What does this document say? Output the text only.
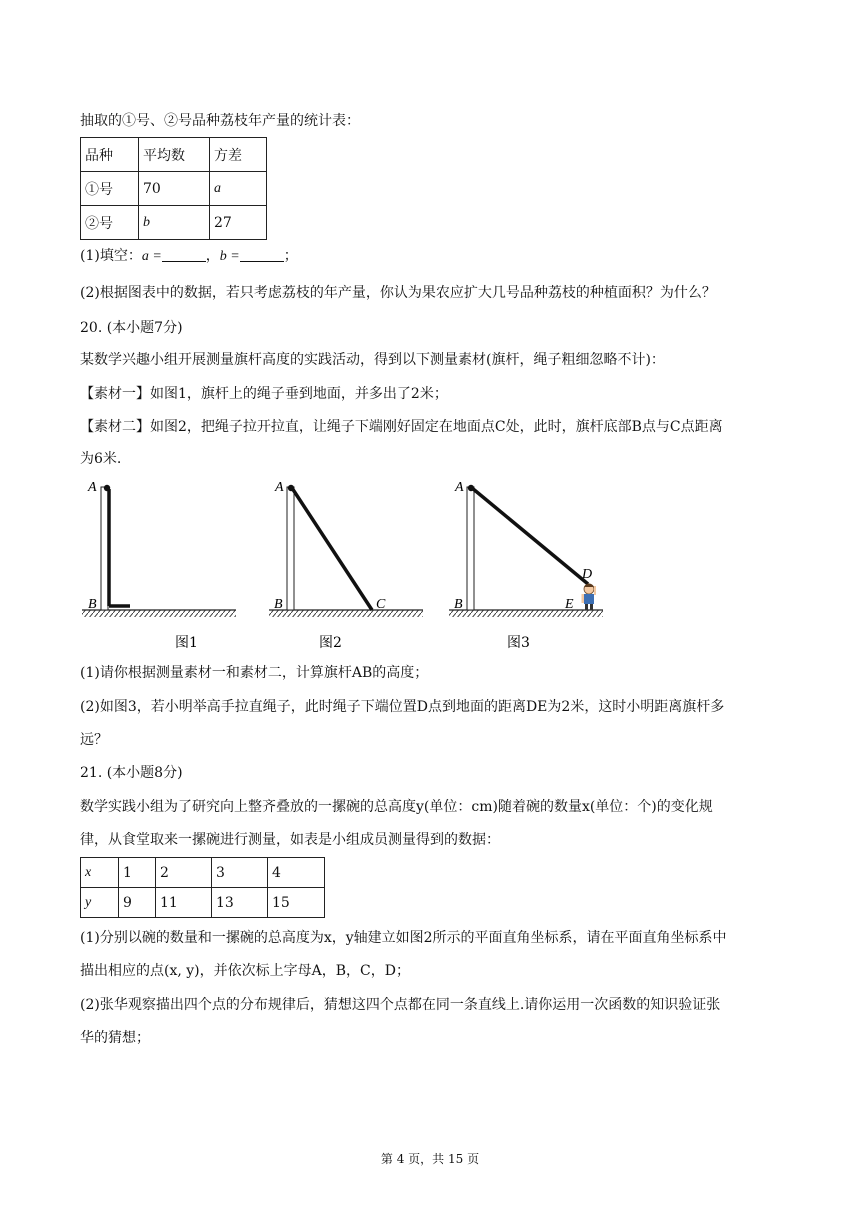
抽取的①号、②号品种荔枝年产量的统计表：
品种	平均数	方差
①号	70	a
②号	b	27
(1)填空：a =	，b =	；
(2)根据图表中的数据，若只考虑荔枝的年产量，你认为果农应扩大几号品种荔枝的种植面积？为什么？
20. (本小题7分)
某数学兴趣小组开展测量旗杆高度的实践活动，得到以下测量素材(旗杆，绳子粗细忽略不计)：
【素材一】如图1，旗杆上的绳子垂到地面，并多出了2米；
【素材二】如图2，把绳子拉开拉直，让绳子下端刚好固定在地面点C处，此时，旗杆底部B点与C点距离
为6米.
A
B
图1
A
B	C
图2
A
B
D
E
图3
(1)请你根据测量素材一和素材二，计算旗杆AB的高度；
(2)如图3，若小明举高手拉直绳子，此时绳子下端位置D点到地面的距离DE为2米，这时小明距离旗杆多
远？
21. (本小题8分)
数学实践小组为了研究向上整齐叠放的一摞碗的总高度y(单位：cm)随着碗的数量x(单位：个)的变化规
律，从食堂取来一摞碗进行测量，如表是小组成员测量得到的数据：
x	1	2	3	4
y	9	11	13	15
(1)分别以碗的数量和一摞碗的总高度为x，y轴建立如图2所示的平面直角坐标系，请在平面直角坐标系中
描出相应的点(x, y)，并依次标上字母A，B，C，D；
(2)张华观察描出四个点的分布规律后，猜想这四个点都在同一条直线上.请你运用一次函数的知识验证张
华的猜想；
第 4 页，共 15 页
